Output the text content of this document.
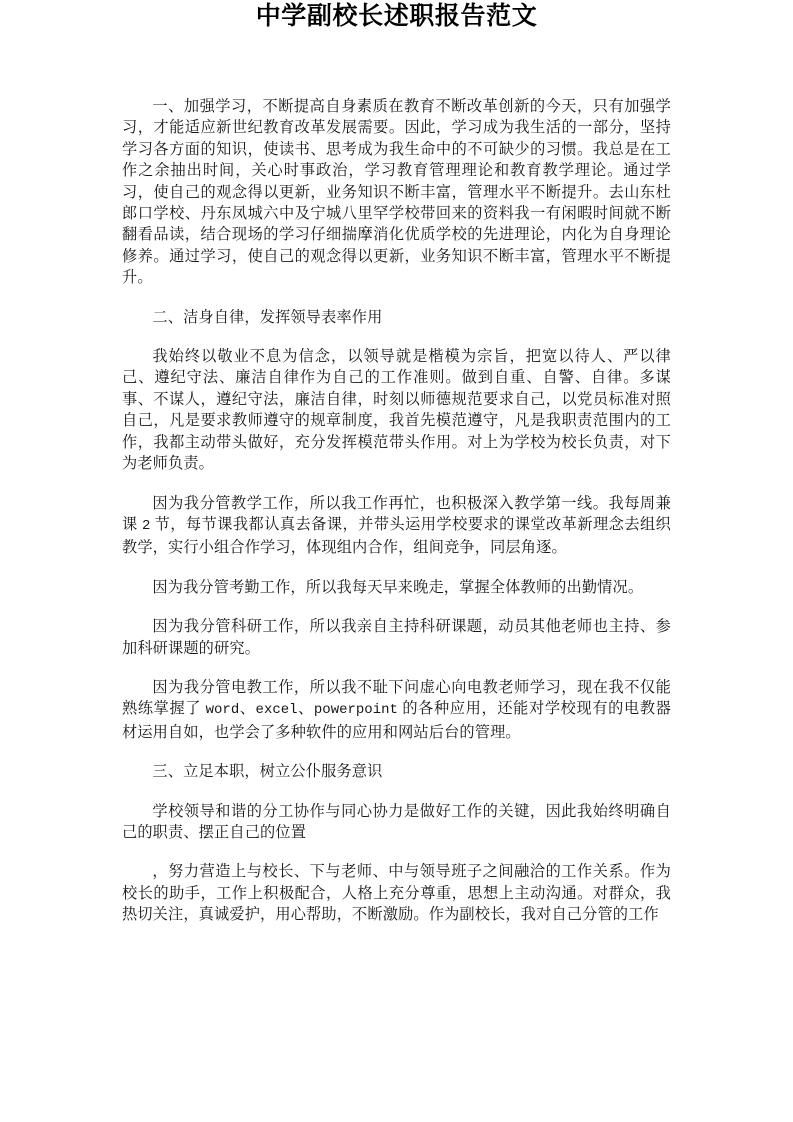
中学副校长述职报告范文

一、加强学习，不断提高自身素质在教育不断改革创新的今天，只有加强学习，才能适应新世纪教育改革发展需要。因此，学习成为我生活的一部分，坚持学习各方面的知识，使读书、思考成为我生命中的不可缺少的习惯。我总是在工作之余抽出时间，关心时事政治，学习教育管理理论和教育教学理论。通过学习，使自己的观念得以更新，业务知识不断丰富，管理水平不断提升。去山东杜郎口学校、丹东凤城六中及宁城八里罕学校带回来的资料我一有闲暇时间就不断翻看品读，结合现场的学习仔细揣摩消化优质学校的先进理论，内化为自身理论修养。通过学习，使自己的观念得以更新，业务知识不断丰富，管理水平不断提升。

二、洁身自律，发挥领导表率作用

我始终以敬业不息为信念，以领导就是楷模为宗旨，把宽以待人、严以律己、遵纪守法、廉洁自律作为自己的工作准则。做到自重、自警、自律。多谋事、不谋人，遵纪守法，廉洁自律，时刻以师德规范要求自己，以党员标准对照自己，凡是要求教师遵守的规章制度，我首先模范遵守，凡是我职责范围内的工作，我都主动带头做好，充分发挥模范带头作用。对上为学校为校长负责，对下为老师负责。

因为我分管教学工作，所以我工作再忙，也积极深入教学第一线。我每周兼课 2 节，每节课我都认真去备课，并带头运用学校要求的课堂改革新理念去组织教学，实行小组合作学习，体现组内合作，组间竞争，同层角逐。

因为我分管考勤工作，所以我每天早来晚走，掌握全体教师的出勤情况。

因为我分管科研工作，所以我亲自主持科研课题，动员其他老师也主持、参加科研课题的研究。

因为我分管电教工作，所以我不耻下问虚心向电教老师学习，现在我不仅能熟练掌握了 word、excel、powerpoint 的各种应用，还能对学校现有的电教器材运用自如，也学会了多种软件的应用和网站后台的管理。

三、立足本职，树立公仆服务意识

学校领导和谐的分工协作与同心协力是做好工作的关键，因此我始终明确自己的职责、摆正自己的位置

，努力营造上与校长、下与老师、中与领导班子之间融洽的工作关系。作为校长的助手，工作上积极配合，人格上充分尊重，思想上主动沟通。对群众，我热切关注，真诚爱护，用心帮助，不断激励。作为副校长，我对自己分管的工作
